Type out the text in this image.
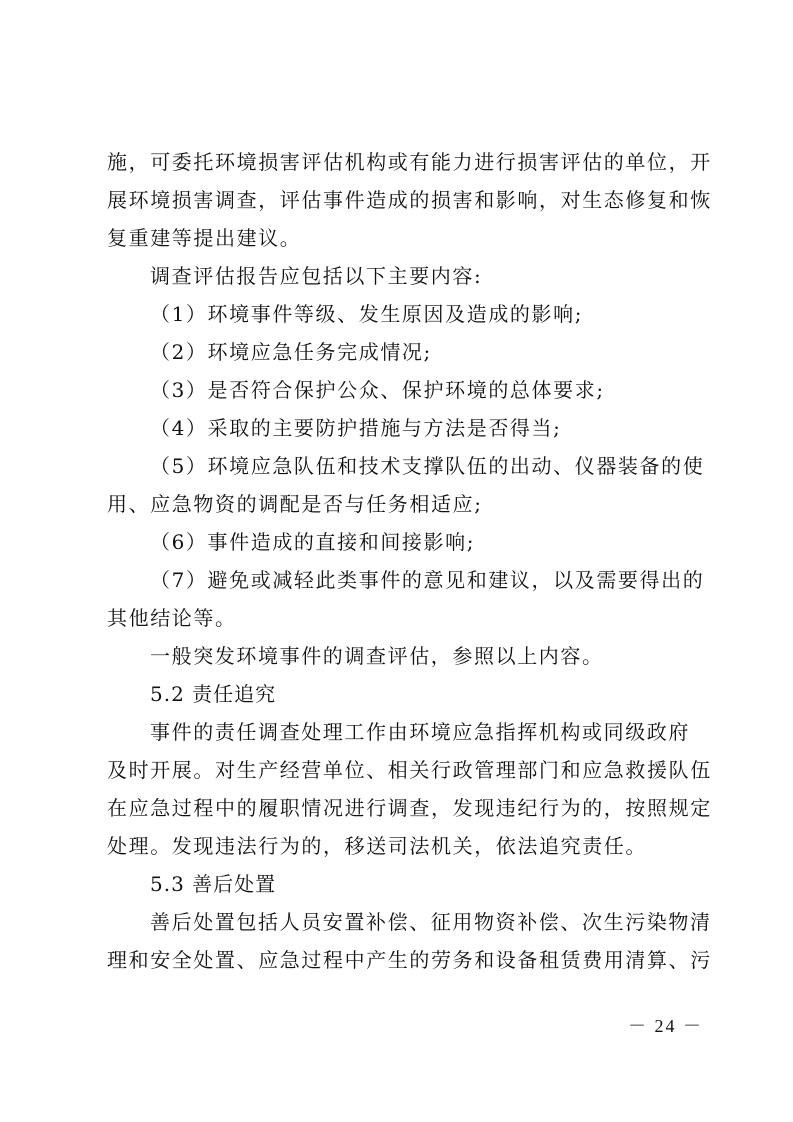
施，可委托环境损害评估机构或有能力进行损害评估的单位，开
展环境损害调查，评估事件造成的损害和影响，对生态修复和恢
复重建等提出建议。
调查评估报告应包括以下主要内容:
（1）环境事件等级、发生原因及造成的影响;
（2）环境应急任务完成情况;
（3）是否符合保护公众、保护环境的总体要求;
（4）采取的主要防护措施与方法是否得当;
（5）环境应急队伍和技术支撑队伍的出动、仪器装备的使
用、应急物资的调配是否与任务相适应;
（6）事件造成的直接和间接影响;
（7）避免或减轻此类事件的意见和建议，以及需要得出的
其他结论等。
一般突发环境事件的调查评估，参照以上内容。
5.2 责任追究
事件的责任调查处理工作由环境应急指挥机构或同级政府
及时开展。对生产经营单位、相关行政管理部门和应急救援队伍
在应急过程中的履职情况进行调查，发现违纪行为的，按照规定
处理。发现违法行为的，移送司法机关，依法追究责任。
5.3 善后处置
善后处置包括人员安置补偿、征用物资补偿、次生污染物清
理和安全处置、应急过程中产生的劳务和设备租赁费用清算、污
－ 24 －
